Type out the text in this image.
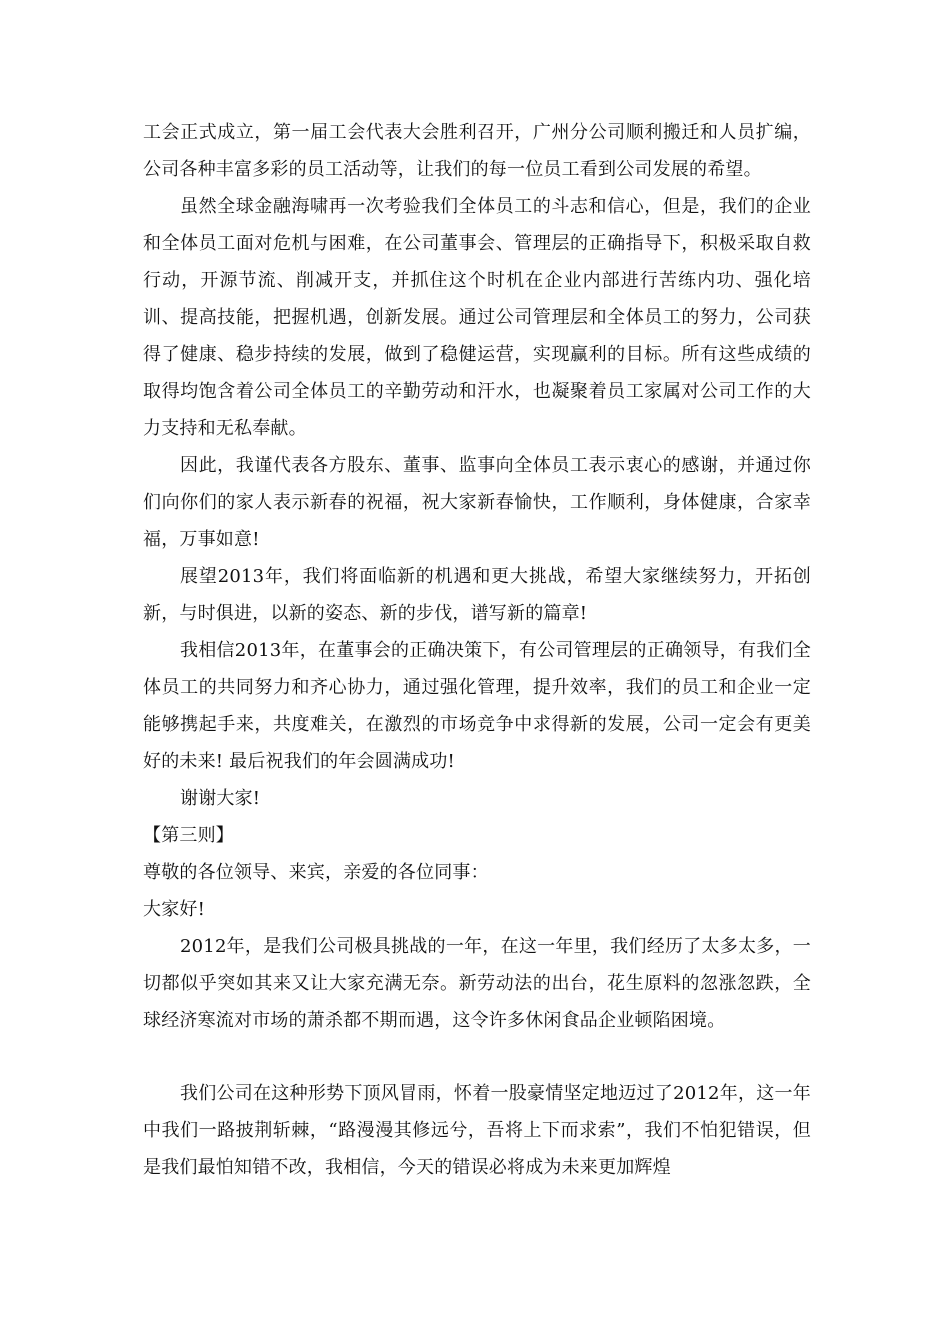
工会正式成立，第一届工会代表大会胜利召开，广州分公司顺利搬迁和人员扩编，公司各种丰富多彩的员工活动等，让我们的每一位员工看到公司发展的希望。

虽然全球金融海啸再一次考验我们全体员工的斗志和信心，但是，我们的企业和全体员工面对危机与困难，在公司董事会、管理层的正确指导下，积极采取自救行动，开源节流、削减开支，并抓住这个时机在企业内部进行苦练内功、强化培训、提高技能，把握机遇，创新发展。通过公司管理层和全体员工的努力，公司获得了健康、稳步持续的发展，做到了稳健运营，实现赢利的目标。所有这些成绩的取得均饱含着公司全体员工的辛勤劳动和汗水，也凝聚着员工家属对公司工作的大力支持和无私奉献。

因此，我谨代表各方股东、董事、监事向全体员工表示衷心的感谢，并通过你们向你们的家人表示新春的祝福，祝大家新春愉快，工作顺利，身体健康，合家幸福，万事如意!

展望2013年，我们将面临新的机遇和更大挑战，希望大家继续努力，开拓创新，与时俱进，以新的姿态、新的步伐，谱写新的篇章!

我相信2013年，在董事会的正确决策下，有公司管理层的正确领导，有我们全体员工的共同努力和齐心协力，通过强化管理，提升效率，我们的员工和企业一定能够携起手来，共度难关，在激烈的市场竞争中求得新的发展，公司一定会有更美好的未来! 最后祝我们的年会圆满成功!

谢谢大家!

【第三则】

尊敬的各位领导、来宾，亲爱的各位同事：

大家好!

2012年，是我们公司极具挑战的一年，在这一年里，我们经历了太多太多，一切都似乎突如其来又让大家充满无奈。新劳动法的出台，花生原料的忽涨忽跌，全球经济寒流对市场的萧杀都不期而遇，这令许多休闲食品企业顿陷困境。

我们公司在这种形势下顶风冒雨，怀着一股豪情坚定地迈过了2012年，这一年中我们一路披荆斩棘，“路漫漫其修远兮，吾将上下而求索”，我们不怕犯错误，但是我们最怕知错不改，我相信，今天的错误必将成为未来更加辉煌
